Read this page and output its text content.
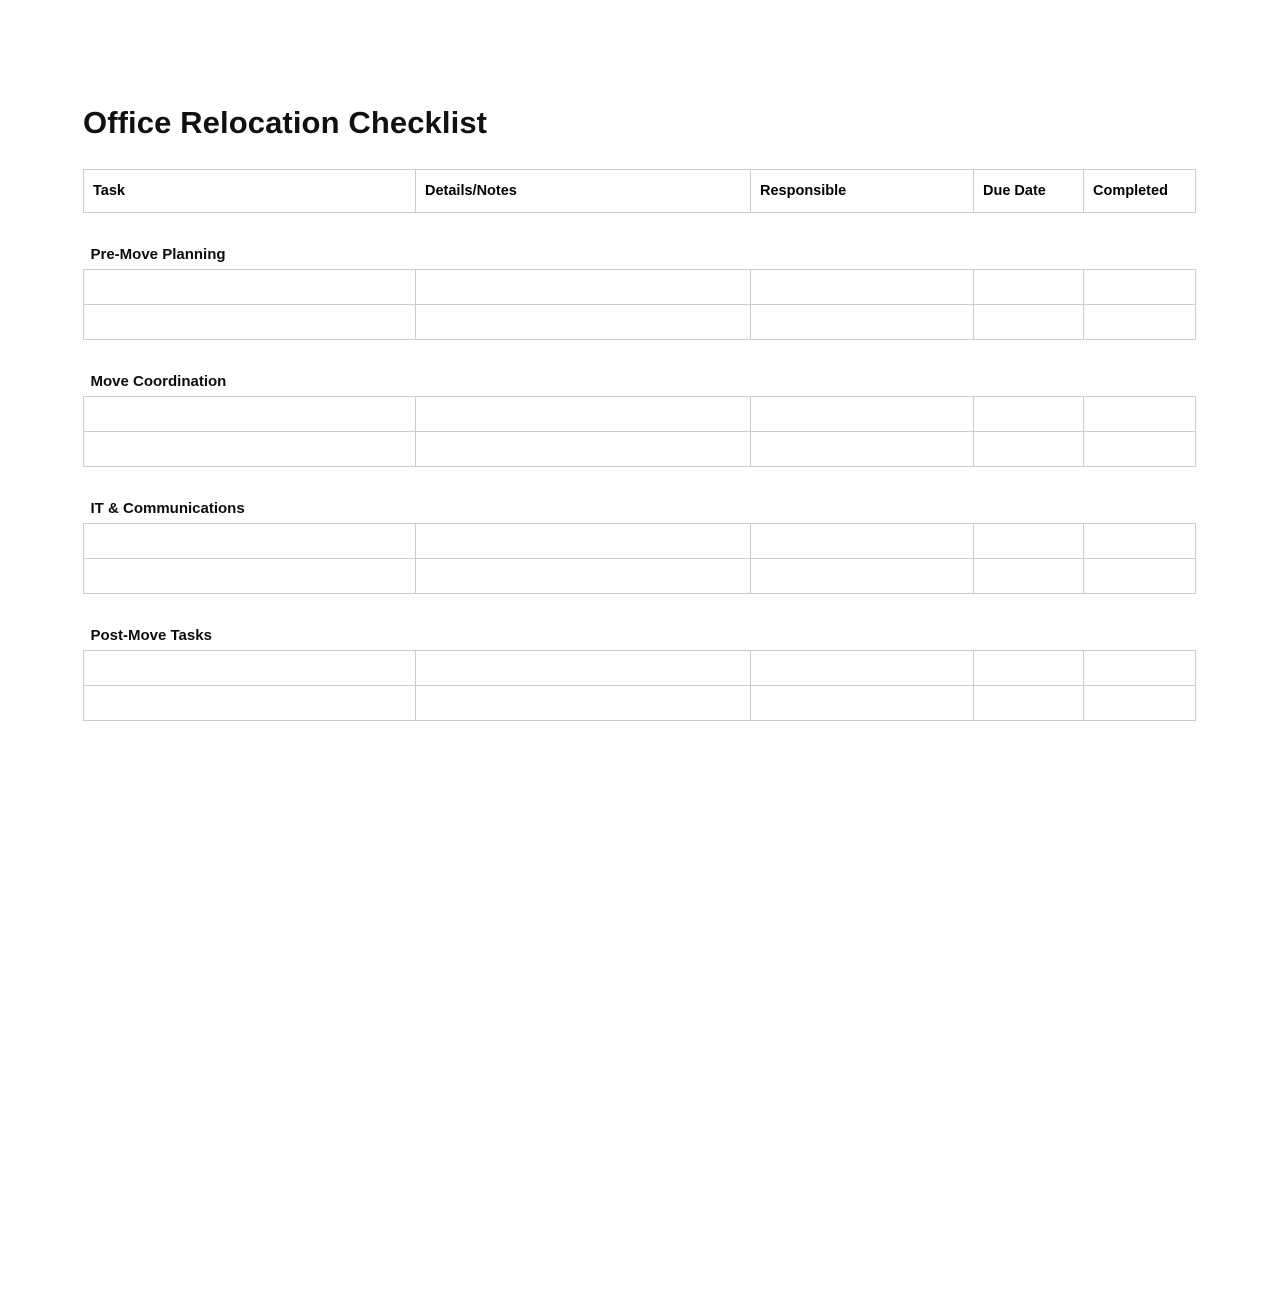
Office Relocation Checklist
Task	Details/Notes	Responsible	Due Date	Completed

Pre-Move Planning				

Move Coordination				

IT & Communications				

Post-Move Tasks				
